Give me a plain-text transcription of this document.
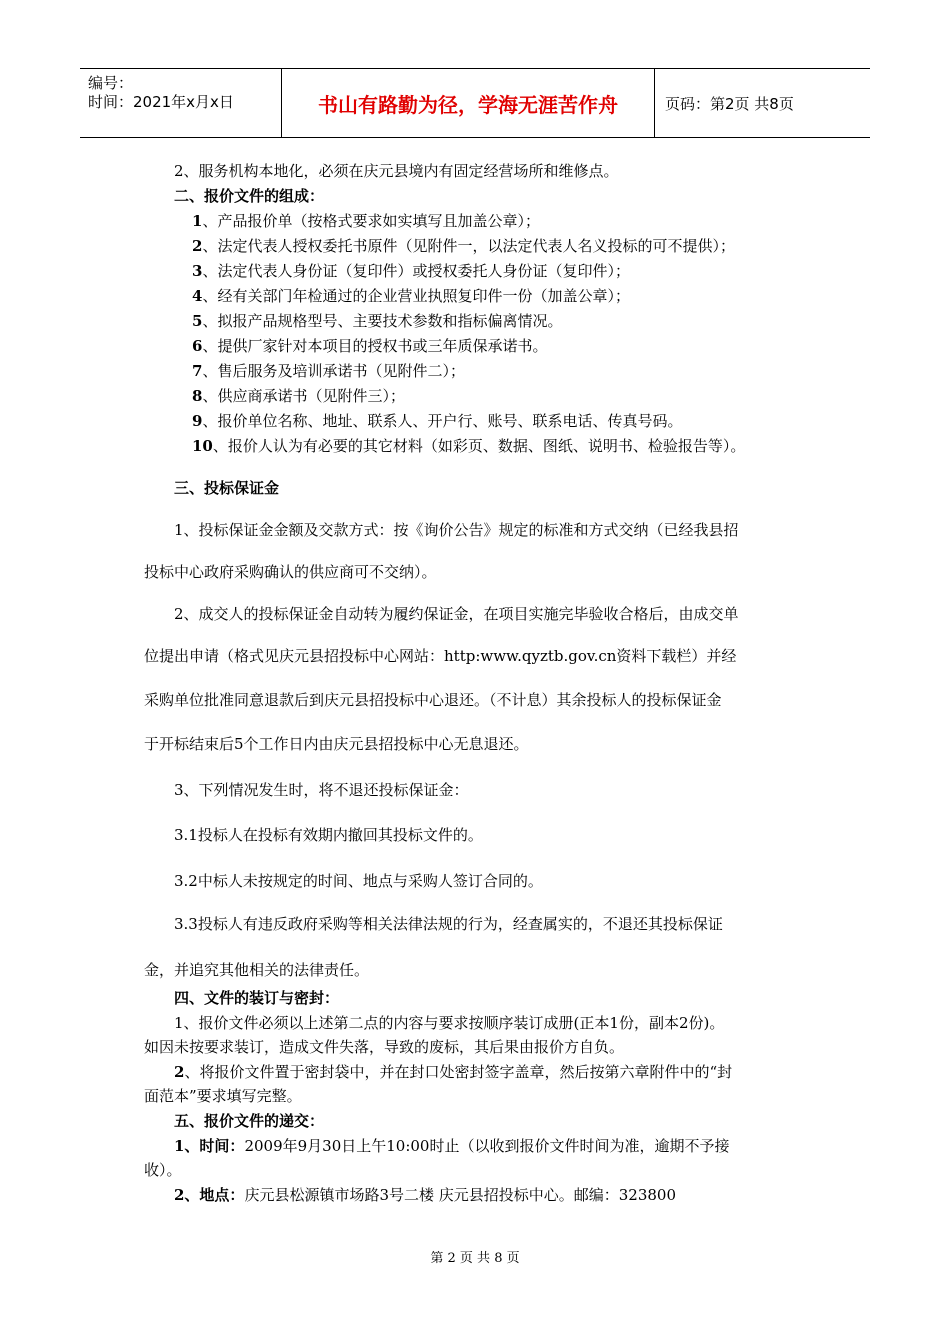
编号：
时间：2021年x月x日	书山有路勤为径，学海无涯苦作舟	页码：第2页 共8页
2、服务机构本地化，必须在庆元县境内有固定经营场所和维修点。
二、报价文件的组成：
1、产品报价单（按格式要求如实填写且加盖公章）；
2、法定代表人授权委托书原件（见附件一，以法定代表人名义投标的可不提供）；
3、法定代表人身份证（复印件）或授权委托人身份证（复印件）；
4、经有关部门年检通过的企业营业执照复印件一份（加盖公章）；
5、拟报产品规格型号、主要技术参数和指标偏离情况。
6、提供厂家针对本项目的授权书或三年质保承诺书。
7、售后服务及培训承诺书（见附件二）；
8、供应商承诺书（见附件三）；
9、报价单位名称、地址、联系人、开户行、账号、联系电话、传真号码。
10、报价人认为有必要的其它材料（如彩页、数据、图纸、说明书、检验报告等）。
三、投标保证金
1、投标保证金金额及交款方式：按《询价公告》规定的标准和方式交纳（已经我县招
投标中心政府采购确认的供应商可不交纳）。
2、成交人的投标保证金自动转为履约保证金，在项目实施完毕验收合格后，由成交单
位提出申请（格式见庆元县招投标中心网站：http:www.qyztb.gov.cn资料下载栏）并经
采购单位批准同意退款后到庆元县招投标中心退还。（不计息）其余投标人的投标保证金
于开标结束后5个工作日内由庆元县招投标中心无息退还。
3、下列情况发生时，将不退还投标保证金：
3.1投标人在投标有效期内撤回其投标文件的。
3.2中标人未按规定的时间、地点与采购人签订合同的。
3.3投标人有违反政府采购等相关法律法规的行为，经查属实的，不退还其投标保证
金，并追究其他相关的法律责任。
四、文件的装订与密封：
1、报价文件必须以上述第二点的内容与要求按顺序装订成册(正本1份，副本2份)。
如因未按要求装订，造成文件失落，导致的废标，其后果由报价方自负。
2、将报价文件置于密封袋中，并在封口处密封签字盖章，然后按第六章附件中的“封
面范本”要求填写完整。
五、报价文件的递交：
1、时间：2009年9月30日上午10:00时止（以收到报价文件时间为准，逾期不予接
收）。
2、地点：庆元县松源镇市场路3号二楼 庆元县招投标中心。邮编：323800
第 2 页 共 8 页
